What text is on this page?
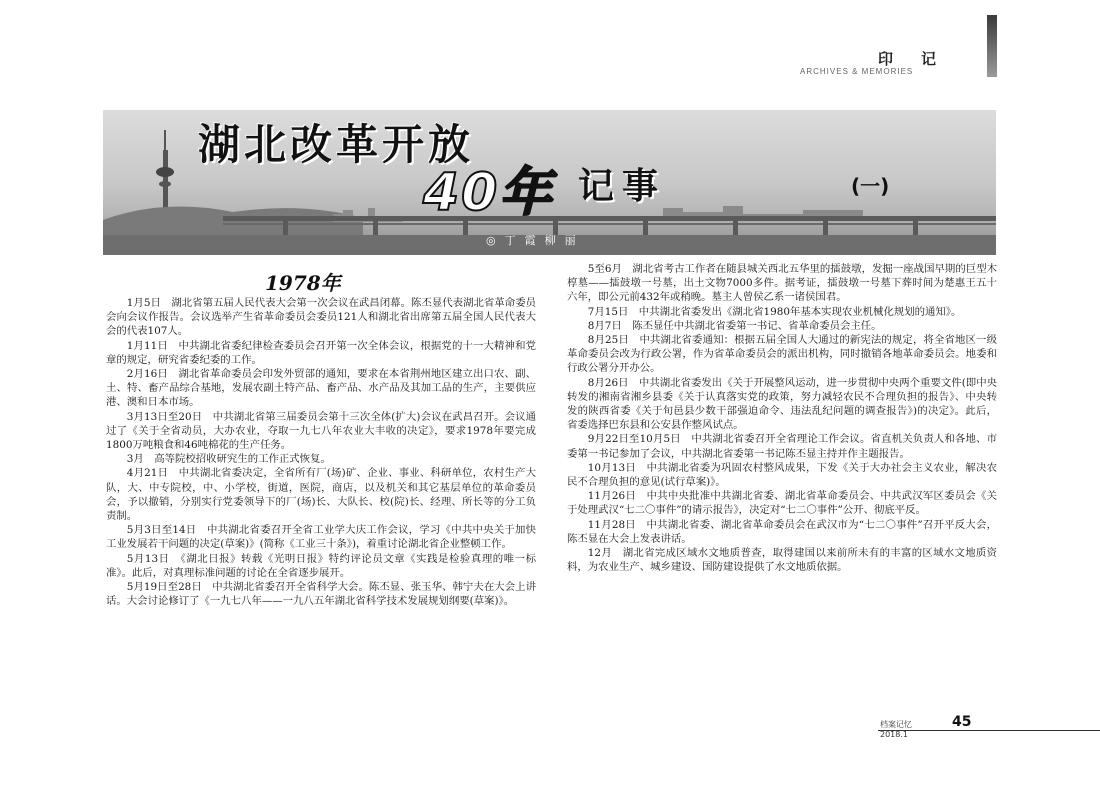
印记
ARCHIVES & MEMORIES
湖北改革开放
40年 记事	(一)
◎丁霞柳丽
1978年

1月5日　湖北省第五届人民代表大会第一次会议在武昌闭幕。陈丕显代表湖北省革命委员会向会议作报告。会议选举产生省革命委员会委员121人和湖北省出席第五届全国人民代表大会的代表107人。

1月11日　中共湖北省委纪律检查委员会召开第一次全体会议，根据党的十一大精神和党章的规定，研究省委纪委的工作。

2月16日　湖北省革命委员会印发外贸部的通知，要求在本省荆州地区建立出口农、副、土、特、畜产品综合基地，发展农副土特产品、畜产品、水产品及其加工品的生产，主要供应港、澳和日本市场。

3月13日至20日　中共湖北省第三届委员会第十三次全体(扩大)会议在武昌召开。会议通过了《关于全省动员，大办农业，夺取一九七八年农业大丰收的决定》，要求1978年要完成1800万吨粮食和46吨棉花的生产任务。

3月　高等院校招收研究生的工作正式恢复。

4月21日　中共湖北省委决定，全省所有厂(场)矿、企业、事业、科研单位，农村生产大队，大、中专院校，中、小学校，街道，医院，商店，以及机关和其它基层单位的革命委员会，予以撤销，分别实行党委领导下的厂(场)长、大队长、校(院)长、经理、所长等的分工负责制。

5月3日至14日　中共湖北省委召开全省工业学大庆工作会议，学习《中共中央关于加快工业发展若干问题的决定(草案)》(简称《工业三十条》)，着重讨论湖北省企业整顿工作。

5月13日　《湖北日报》转载《光明日报》特约评论员文章《实践是检验真理的唯一标准》。此后，对真理标准问题的讨论在全省逐步展开。

5月19日至28日　中共湖北省委召开全省科学大会。陈丕显、张玉华、韩宁夫在大会上讲话。大会讨论修订了《一九七八年——一九八五年湖北省科学技术发展规划纲要(草案)》。

5至6月　湖北省考古工作者在随县城关西北五华里的擂鼓墩，发掘一座战国早期的巨型木椁墓——擂鼓墩一号墓，出土文物7000多件。据考证，擂鼓墩一号墓下葬时间为楚惠王五十六年，即公元前432年或稍晚。墓主人曾侯乙系一诸侯国君。

7月15日　中共湖北省委发出《湖北省1980年基本实现农业机械化规划的通知》。

8月7日　陈丕显任中共湖北省委第一书记、省革命委员会主任。

8月25日　中共湖北省委通知：根据五届全国人大通过的新宪法的规定，将全省地区一级革命委员会改为行政公署，作为省革命委员会的派出机构，同时撤销各地革命委员会。地委和行政公署分开办公。

8月26日　中共湖北省委发出《关于开展整风运动，进一步贯彻中央两个重要文件(即中央转发的湘南省湘乡县委《关于认真落实党的政策，努力减轻农民不合理负担的报告》、中央转发的陕西省委《关于旬邑县少数干部强迫命令、违法乱纪问题的调查报告》)的决定》。此后，省委选择巴东县和公安县作整风试点。

9月22日至10月5日　中共湖北省委召开全省理论工作会议。省直机关负责人和各地、市委第一书记参加了会议，中共湖北省委第一书记陈丕显主持并作主题报告。

10月13日　中共湖北省委为巩固农村整风成果，下发《关于大办社会主义农业，解决农民不合理负担的意见(试行草案)》。

11月26日　中共中央批准中共湖北省委、湖北省革命委员会、中共武汉军区委员会《关于处理武汉“七二〇事件”的请示报告》，决定对“七二〇事件”公开、彻底平反。

11月28日　中共湖北省委、湖北省革命委员会在武汉市为“七二〇事件”召开平反大会，陈丕显在大会上发表讲话。

12月　湖北省完成区域水文地质普查，取得建国以来前所未有的丰富的区域水文地质资料，为农业生产、城乡建设、国防建设提供了水文地质依据。

档案记忆	45
2018.1
